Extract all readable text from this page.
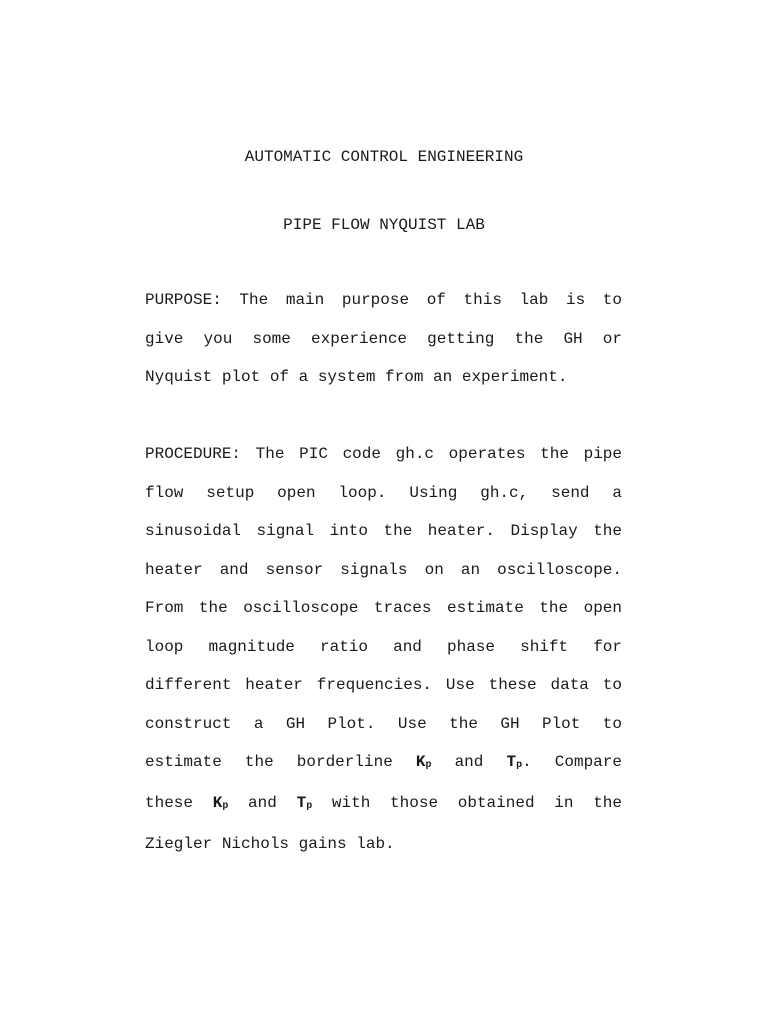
AUTOMATIC CONTROL ENGINEERING
PIPE FLOW NYQUIST LAB
PURPOSE: The main purpose of this lab is to
give you some experience getting the GH or
Nyquist plot of a system from an experiment.
PROCEDURE: The PIC code gh.c operates the pipe
flow setup open loop. Using gh.c, send a
sinusoidal signal into the heater. Display the
heater and sensor signals on an oscilloscope.
From the oscilloscope traces estimate the open
loop magnitude ratio and phase shift for
different heater frequencies. Use these data to
construct a GH Plot. Use the GH Plot to
estimate the borderline Kp and Tp. Compare
these Kp and Tp with those obtained in the
Ziegler Nichols gains lab.
